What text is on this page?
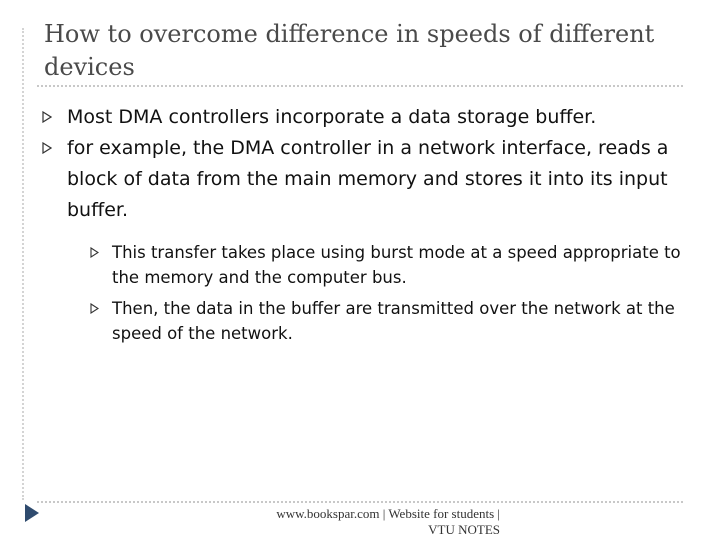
How to overcome difference in speeds of different devices
Most DMA controllers incorporate a data storage buffer.
for example, the DMA controller in a network interface, reads a block of data from the main memory and stores it into its input buffer.
This transfer takes place using burst mode at a speed appropriate to the memory and the computer bus.
Then, the data in the buffer are transmitted over the network at the speed of the network.
www.bookspar.com | Website for students |
VTU NOTES
